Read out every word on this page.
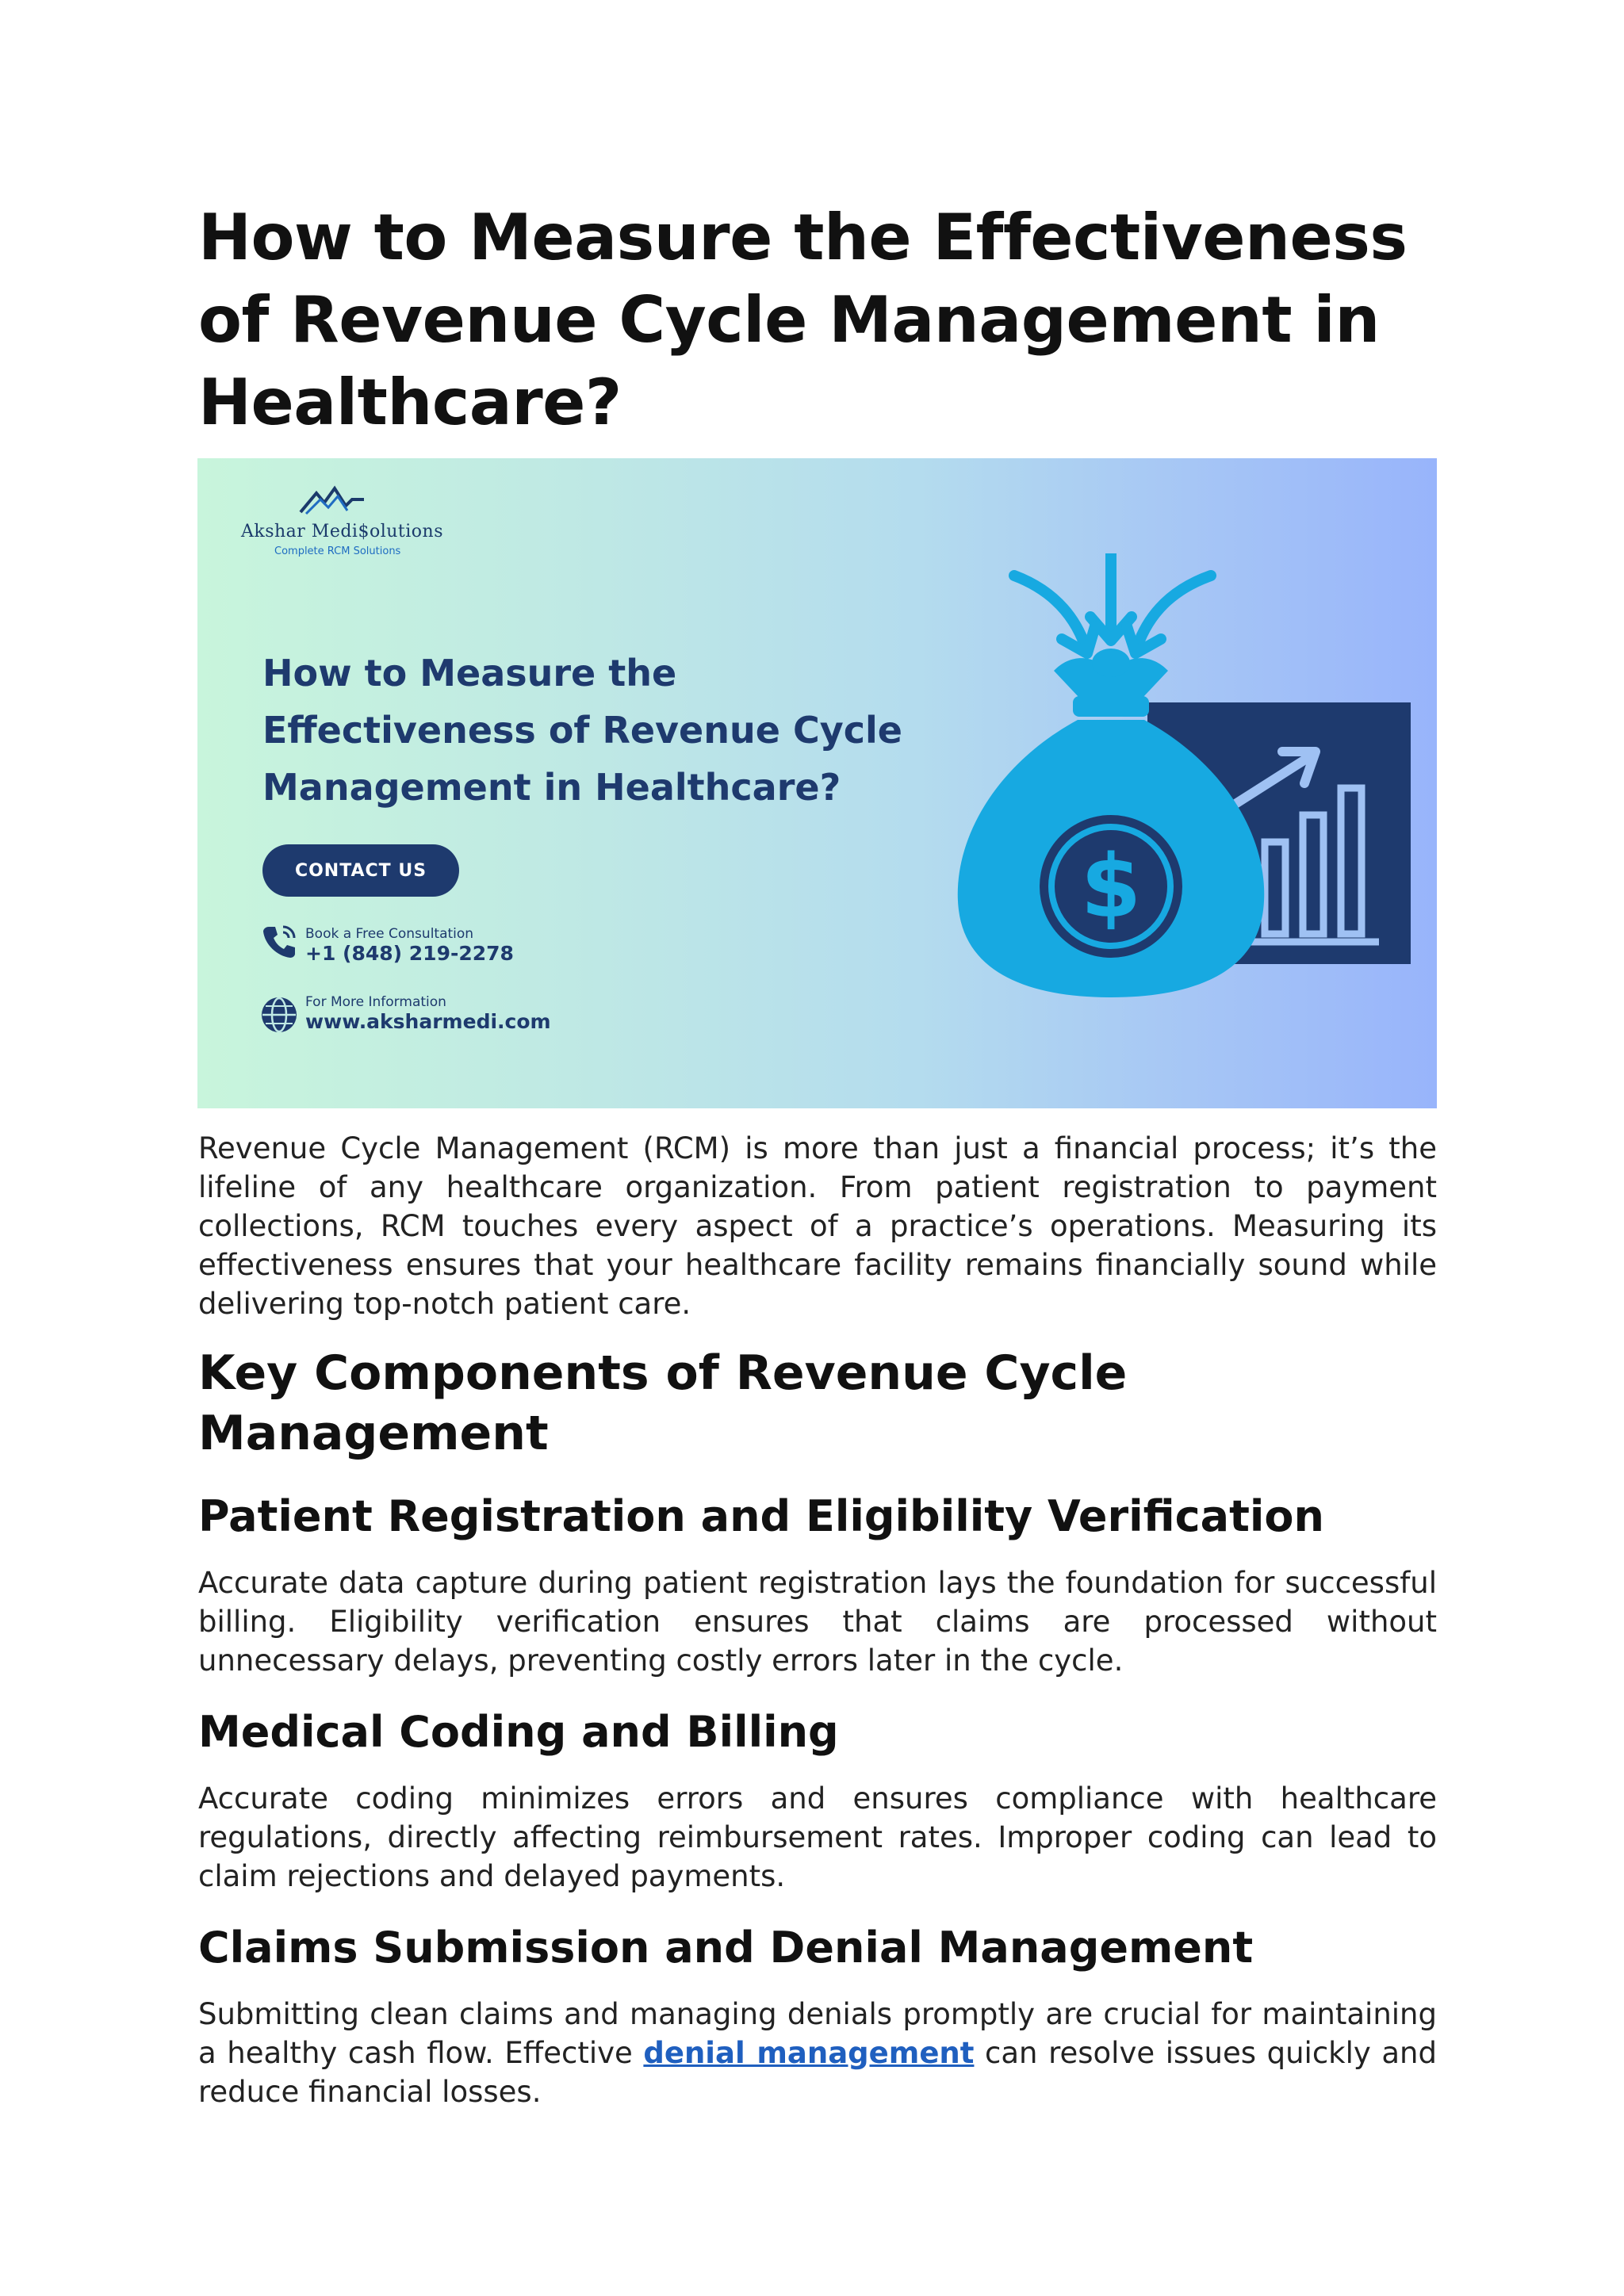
How to Measure the Effectiveness of Revenue Cycle Management in Healthcare?
Akshar Medi$olutions
Complete RCM Solutions
How to Measure the
Effectiveness of Revenue Cycle
Management in Healthcare?
CONTACT US
Book a Free Consultation
+1 (848) 219-2278
For More Information
www.aksharmedi.com
$

Revenue Cycle Management (RCM) is more than just a financial process; it’s the lifeline of any healthcare organization. From patient registration to payment collections, RCM touches every aspect of a practice’s operations. Measuring its effectiveness ensures that your healthcare facility remains financially sound while delivering top-notch patient care.

Key Components of Revenue Cycle Management
Patient Registration and Eligibility Verification

Accurate data capture during patient registration lays the foundation for successful billing. Eligibility verification ensures that claims are processed without unnecessary delays, preventing costly errors later in the cycle.

Medical Coding and Billing

Accurate coding minimizes errors and ensures compliance with healthcare regulations, directly affecting reimbursement rates. Improper coding can lead to claim rejections and delayed payments.

Claims Submission and Denial Management

Submitting clean claims and managing denials promptly are crucial for maintaining a healthy cash flow. Effective denial management can resolve issues quickly and reduce financial losses.
